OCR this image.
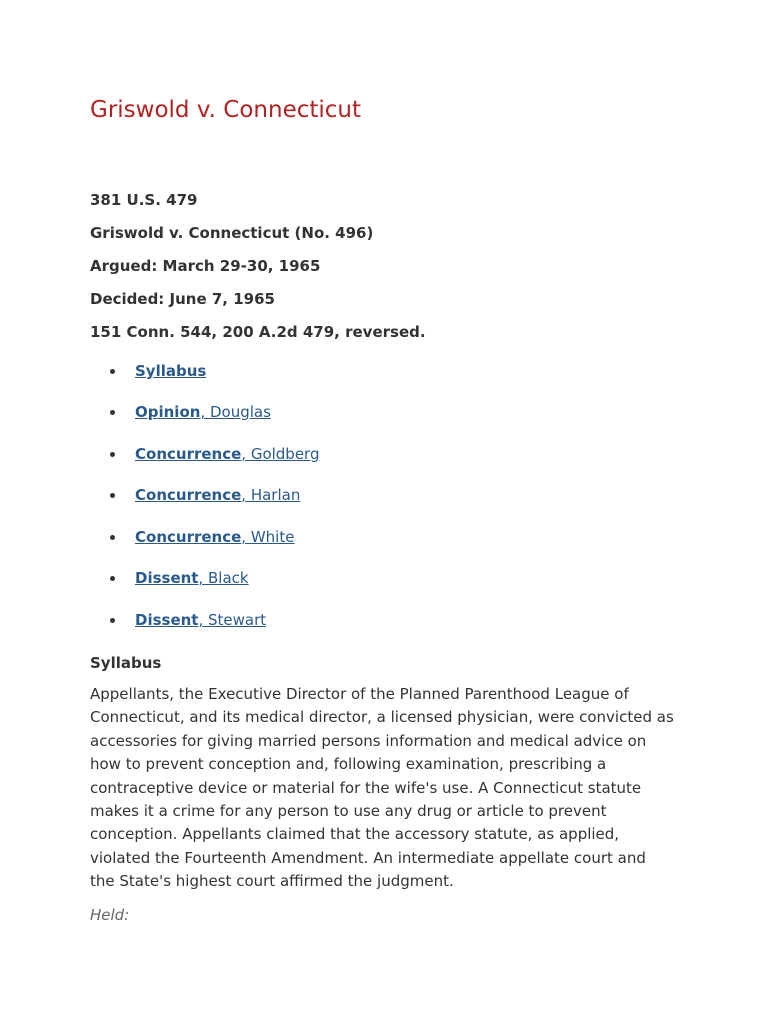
Griswold v. Connecticut

381 U.S. 479

Griswold v. Connecticut (No. 496)

Argued: March 29-30, 1965

Decided: June 7, 1965

151 Conn. 544, 200 A.2d 479, reversed.

Syllabus
Opinion, Douglas
Concurrence, Goldberg
Concurrence, Harlan
Concurrence, White
Dissent, Black
Dissent, Stewart
Syllabus
Appellants, the Executive Director of the Planned Parenthood League of
Connecticut, and its medical director, a licensed physician, were convicted as
accessories for giving married persons information and medical advice on
how to prevent conception and, following examination, prescribing a
contraceptive device or material for the wife's use. A Connecticut statute
makes it a crime for any person to use any drug or article to prevent
conception. Appellants claimed that the accessory statute, as applied,
violated the Fourteenth Amendment. An intermediate appellate court and
the State's highest court affirmed the judgment.

Held:
